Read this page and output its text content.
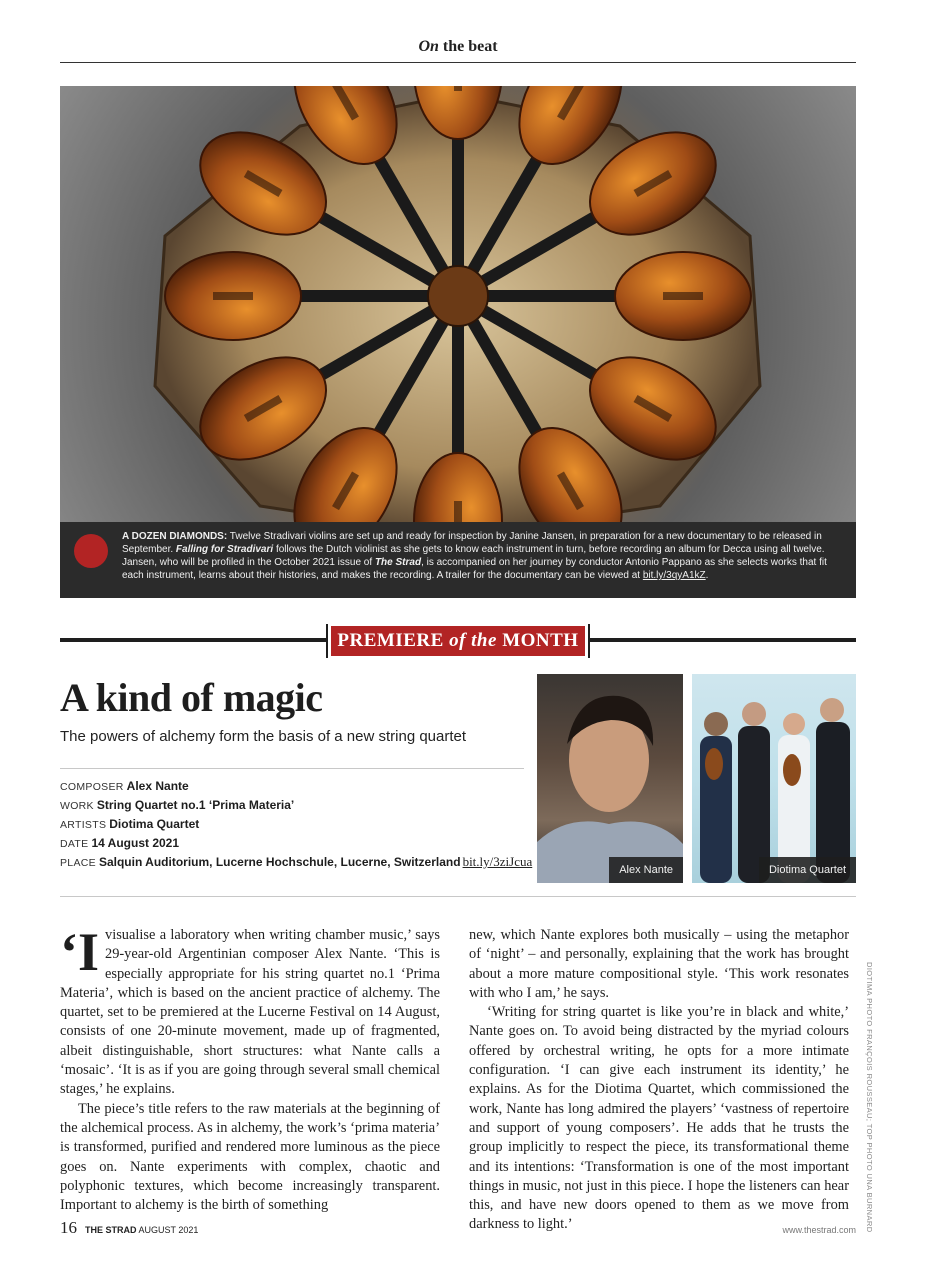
On the beat
A DOZEN DIAMONDS: Twelve Stradivari violins are set up and ready for inspection by Janine Jansen, in preparation for a new documentary to be released in September. Falling for Stradivari follows the Dutch violinist as she gets to know each instrument in turn, before recording an album for Decca using all twelve. Jansen, who will be profiled in the October 2021 issue of The Strad, is accompanied on her journey by conductor Antonio Pappano as she selects works that fit each instrument, learns about their histories, and makes the recording. A trailer for the documentary can be viewed at bit.ly/3qyA1kZ.
PREMIERE of the MONTH
A kind of magic
The powers of alchemy form the basis of a new string quartet
COMPOSER Alex Nante
WORK String Quartet no.1 ‘Prima Materia’
ARTISTS Diotima Quartet
DATE 14 August 2021
PLACE Salquin Auditorium, Lucerne Hochschule, Lucerne, Switzerland bit.ly/3ziJcua
Alex Nante	Diotima Quartet

‘I visualise a laboratory when writing chamber music,’ says 29-year-old Argentinian composer Alex Nante. ‘This is especially appropriate for his string quartet no.1 ‘Prima Materia’, which is based on the ancient practice of alchemy. The quartet, set to be premiered at the Lucerne Festival on 14 August, consists of one 20-minute movement, made up of fragmented, albeit distinguishable, short structures: what Nante calls a ‘mosaic’. ‘It is as if you are going through several small chemical stages,’ he explains.

The piece’s title refers to the raw materials at the beginning of the alchemical process. As in alchemy, the work’s ‘prima materia’ is transformed, purified and rendered more luminous as the piece goes on. Nante experiments with complex, chaotic and polyphonic textures, which become increasingly transparent. Important to alchemy is the birth of something

new, which Nante explores both musically – using the metaphor of ‘night’ – and personally, explaining that the work has brought about a more mature compositional style. ‘This work resonates with who I am,’ he says.

‘Writing for string quartet is like you’re in black and white,’ Nante goes on. To avoid being distracted by the myriad colours offered by orchestral writing, he opts for a more intimate configuration. ‘I can give each instrument its identity,’ he explains. As for the Diotima Quartet, which commissioned the work, Nante has long admired the players’ ‘vastness of repertoire and support of young composers’. He adds that he trusts the group implicitly to respect the piece, its transformational theme and its intentions: ‘Transformation is one of the most important things in music, not just in this piece. I hope the listeners can hear this, and have new doors opened to them as we move from darkness to light.’	DIOTIMA PHOTO FRANÇOIS ROUSSEAU; TOP PHOTO UNA BURNARD
16 THE STRAD AUGUST 2021	www.thestrad.com
